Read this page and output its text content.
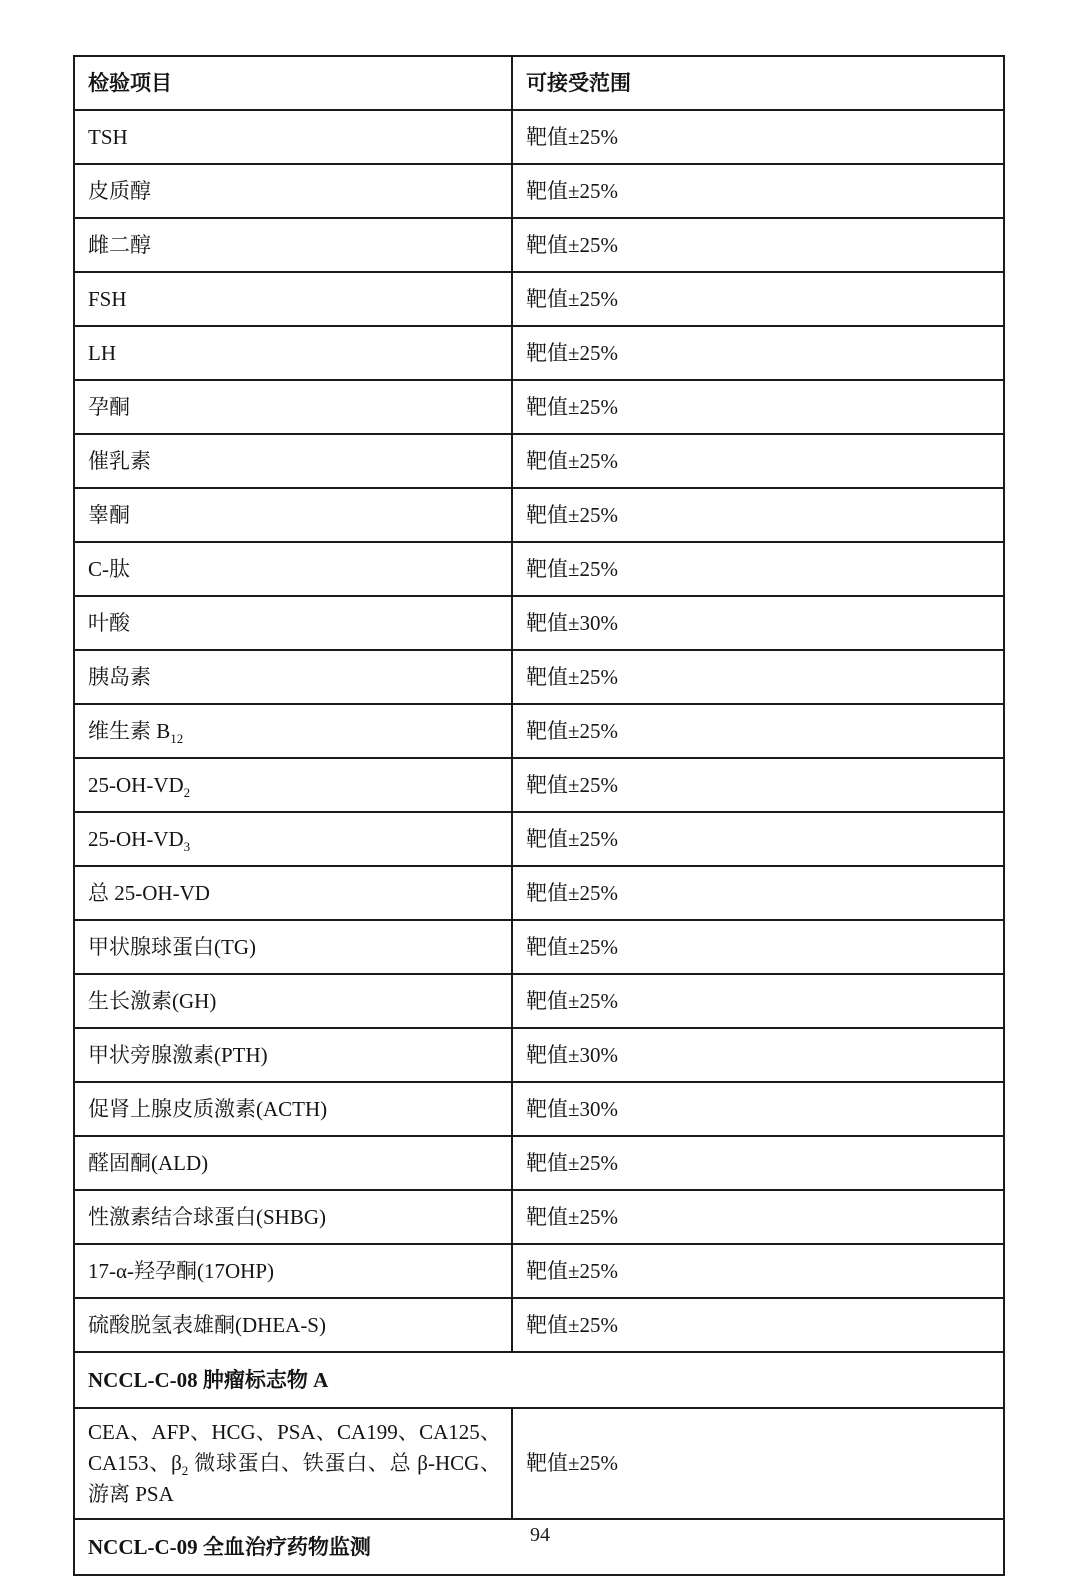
检验项目	可接受范围
TSH	靶值±25%
皮质醇	靶值±25%
雌二醇	靶值±25%
FSH	靶值±25%
LH	靶值±25%
孕酮	靶值±25%
催乳素	靶值±25%
睾酮	靶值±25%
C-肽	靶值±25%
叶酸	靶值±30%
胰岛素	靶值±25%
维生素 $B_{12}$	靶值±25%
$25-OH-VD_2$	靶值±25%
$25-OH-VD_3$	靶值±25%
总 25-OH-VD	靶值±25%
甲状腺球蛋白(TG)	靶值±25%
生长激素(GH)	靶值±25%
甲状旁腺激素(PTH)	靶值±30%
促肾上腺皮质激素(ACTH)	靶值±30%
醛固酮(ALD)	靶值±25%
性激素结合球蛋白(SHBG)	靶值±25%
17-α-羟孕酮(17OHP)	靶值±25%
硫酸脱氢表雄酮(DHEA-S)	靶值±25%
NCCL-C-08 肿瘤标志物 A	
CEA、AFP、HCG、PSA、CA199、CA125、CA153、$\beta_2$ 微球蛋白、铁蛋白、总 β-HCG、游离 PSA	靶值±25%
NCCL-C-09 全血治疗药物监测		94
